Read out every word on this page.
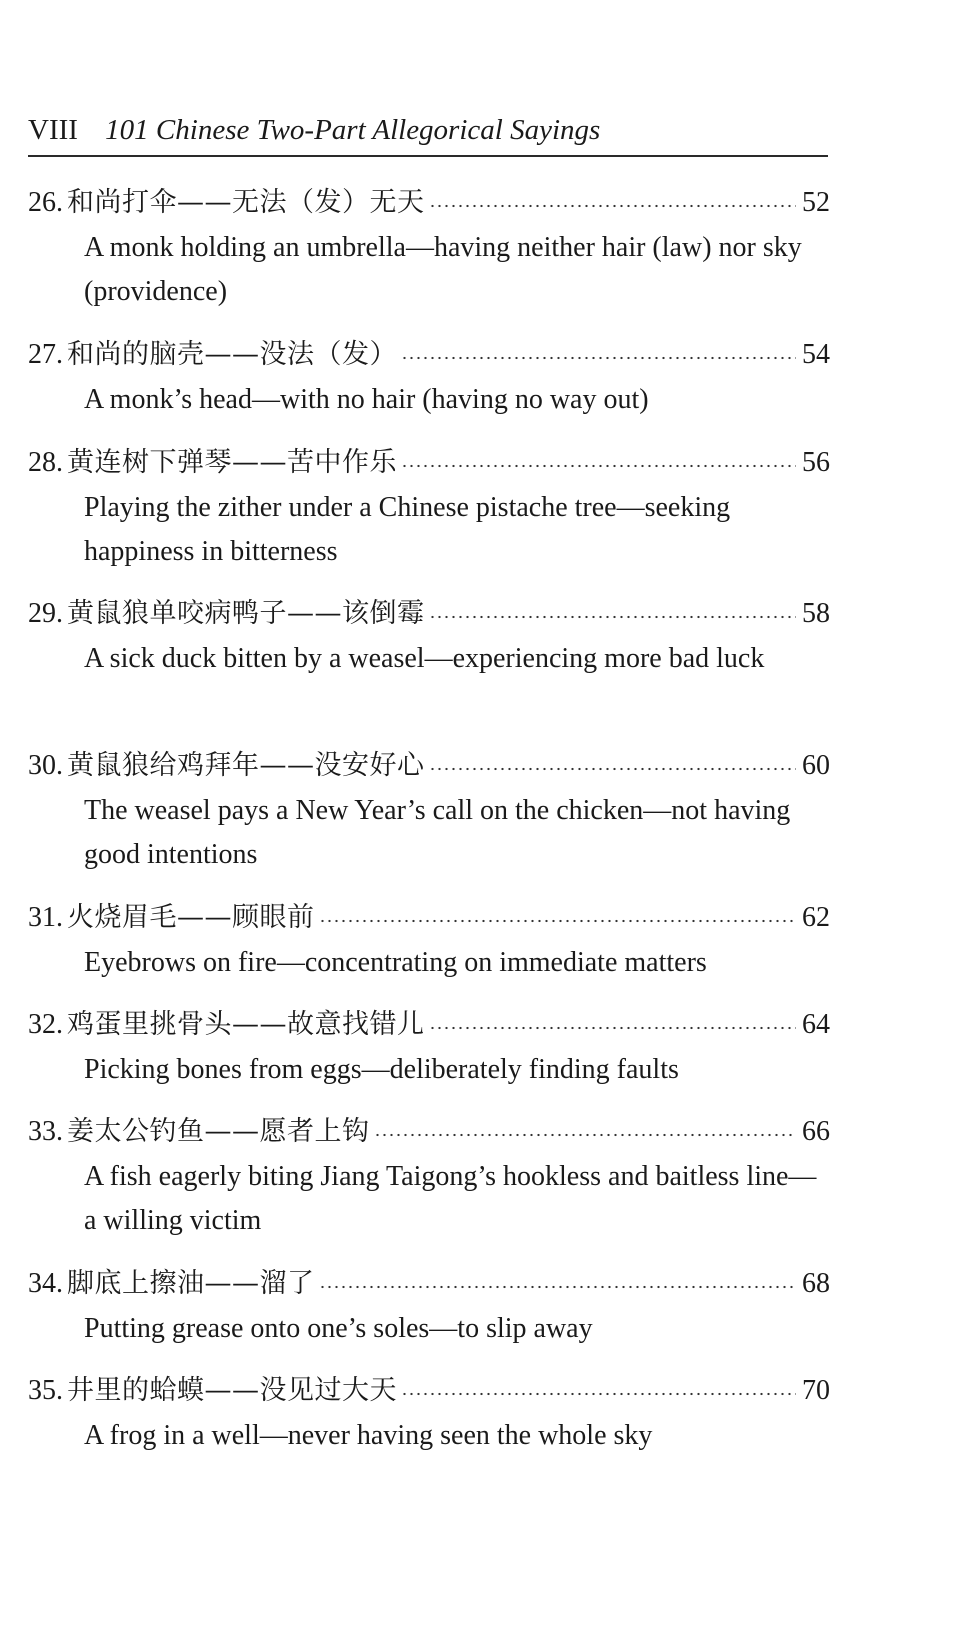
VIII 101 Chinese Two-Part Allegorical Sayings
26. 和尚打伞——无法（发）无天	52
A monk holding an umbrella—having neither hair (law) nor sky (providence)
27. 和尚的脑壳——没法（发）	54
A monk’s head—with no hair (having no way out)
28. 黄连树下弹琴——苦中作乐	56
Playing the zither under a Chinese pistache tree—seeking happiness in bitterness
29. 黄鼠狼单咬病鸭子——该倒霉	58
A sick duck bitten by a weasel—experiencing more bad luck
30. 黄鼠狼给鸡拜年——没安好心	60
The weasel pays a New Year’s call on the chicken—not having good intentions
31. 火烧眉毛——顾眼前	62
Eyebrows on fire—concentrating on immediate matters
32. 鸡蛋里挑骨头——故意找错儿	64
Picking bones from eggs—deliberately finding faults
33. 姜太公钓鱼——愿者上钩	66
A fish eagerly biting Jiang Taigong’s hookless and baitless line—a willing victim
34. 脚底上擦油——溜了	68
Putting grease onto one’s soles—to slip away
35. 井里的蛤蟆——没见过大天	70
A frog in a well—never having seen the whole sky
